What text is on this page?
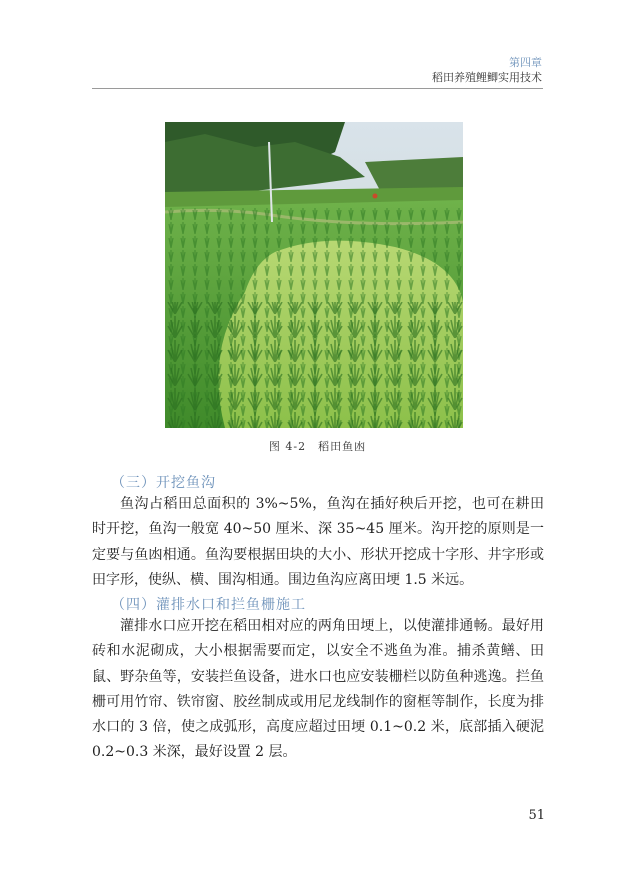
第四章
稻田养殖鲤鲫实用技术
图 4-2　稻田鱼凼
（三）开挖鱼沟

鱼沟占稻田总面积的 3%~5%，鱼沟在插好秧后开挖，也可在耕田时开挖，鱼沟一般宽 40~50 厘米、深 35~45 厘米。沟开挖的原则是一定要与鱼凼相通。鱼沟要根据田块的大小、形状开挖成十字形、井字形或田字形，使纵、横、围沟相通。围边鱼沟应离田埂 1.5 米远。

（四）灌排水口和拦鱼栅施工

灌排水口应开挖在稻田相对应的两角田埂上，以使灌排通畅。最好用砖和水泥砌成，大小根据需要而定，以安全不逃鱼为准。捕杀黄鳝、田鼠、野杂鱼等，安装拦鱼设备，进水口也应安装栅栏以防鱼种逃逸。拦鱼栅可用竹帘、铁帘窗、胶丝制成或用尼龙线制作的窗框等制作，长度为排水口的 3 倍，使之成弧形，高度应超过田埂 0.1~0.2 米，底部插入硬泥 0.2~0.3 米深，最好设置 2 层。

51
